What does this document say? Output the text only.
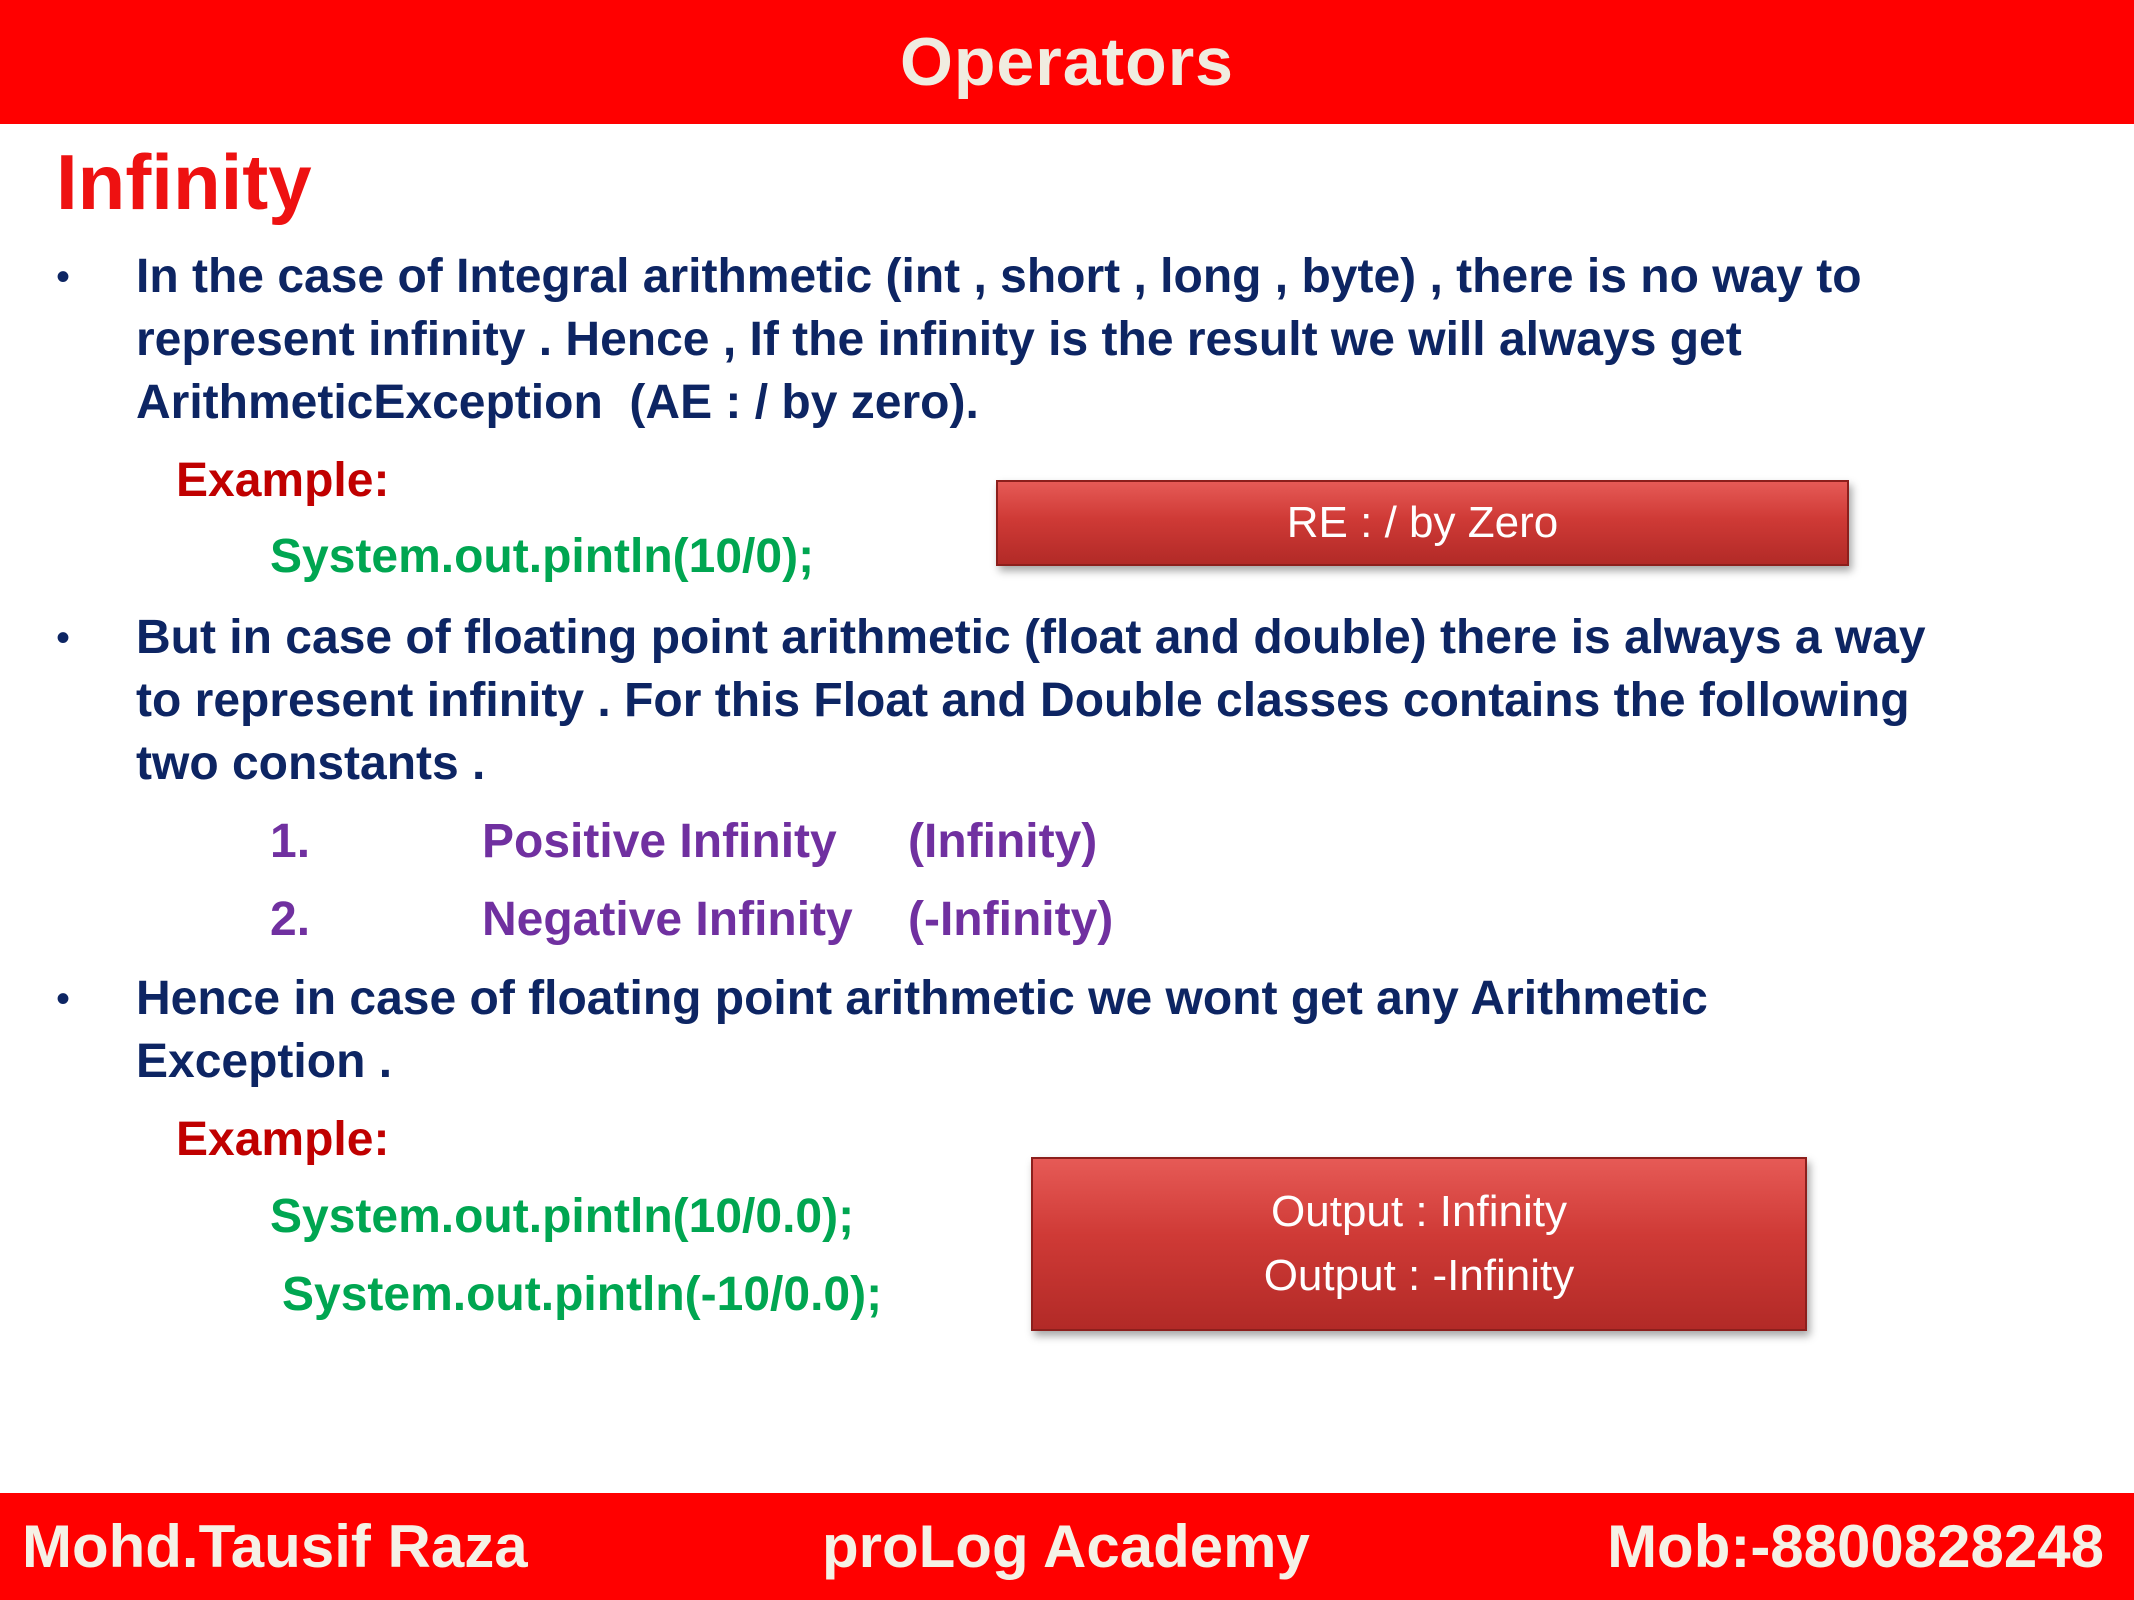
Operators
Infinity
•	In the case of Integral arithmetic (int , short , long , byte) , there is no way to
represent infinity . Hence , If the infinity is the result we will always get
ArithmeticException  (AE : / by zero).
Example:
System.out.pintln(10/0);
RE : / by Zero
•	But in case of floating point arithmetic (float and double) there is always a way
to represent infinity . For this Float and Double classes contains the following
two constants .
1.	Positive Infinity (Infinity)
2.	Negative Infinity (-Infinity)
•	Hence in case of floating point arithmetic we wont get any Arithmetic
Exception .
Example:
System.out.pintln(10/0.0);
System.out.pintln(-10/0.0);
Output : Infinity
Output : -Infinity
Mohd.Tausif Raza	proLog Academy	Mob:-8800828248
